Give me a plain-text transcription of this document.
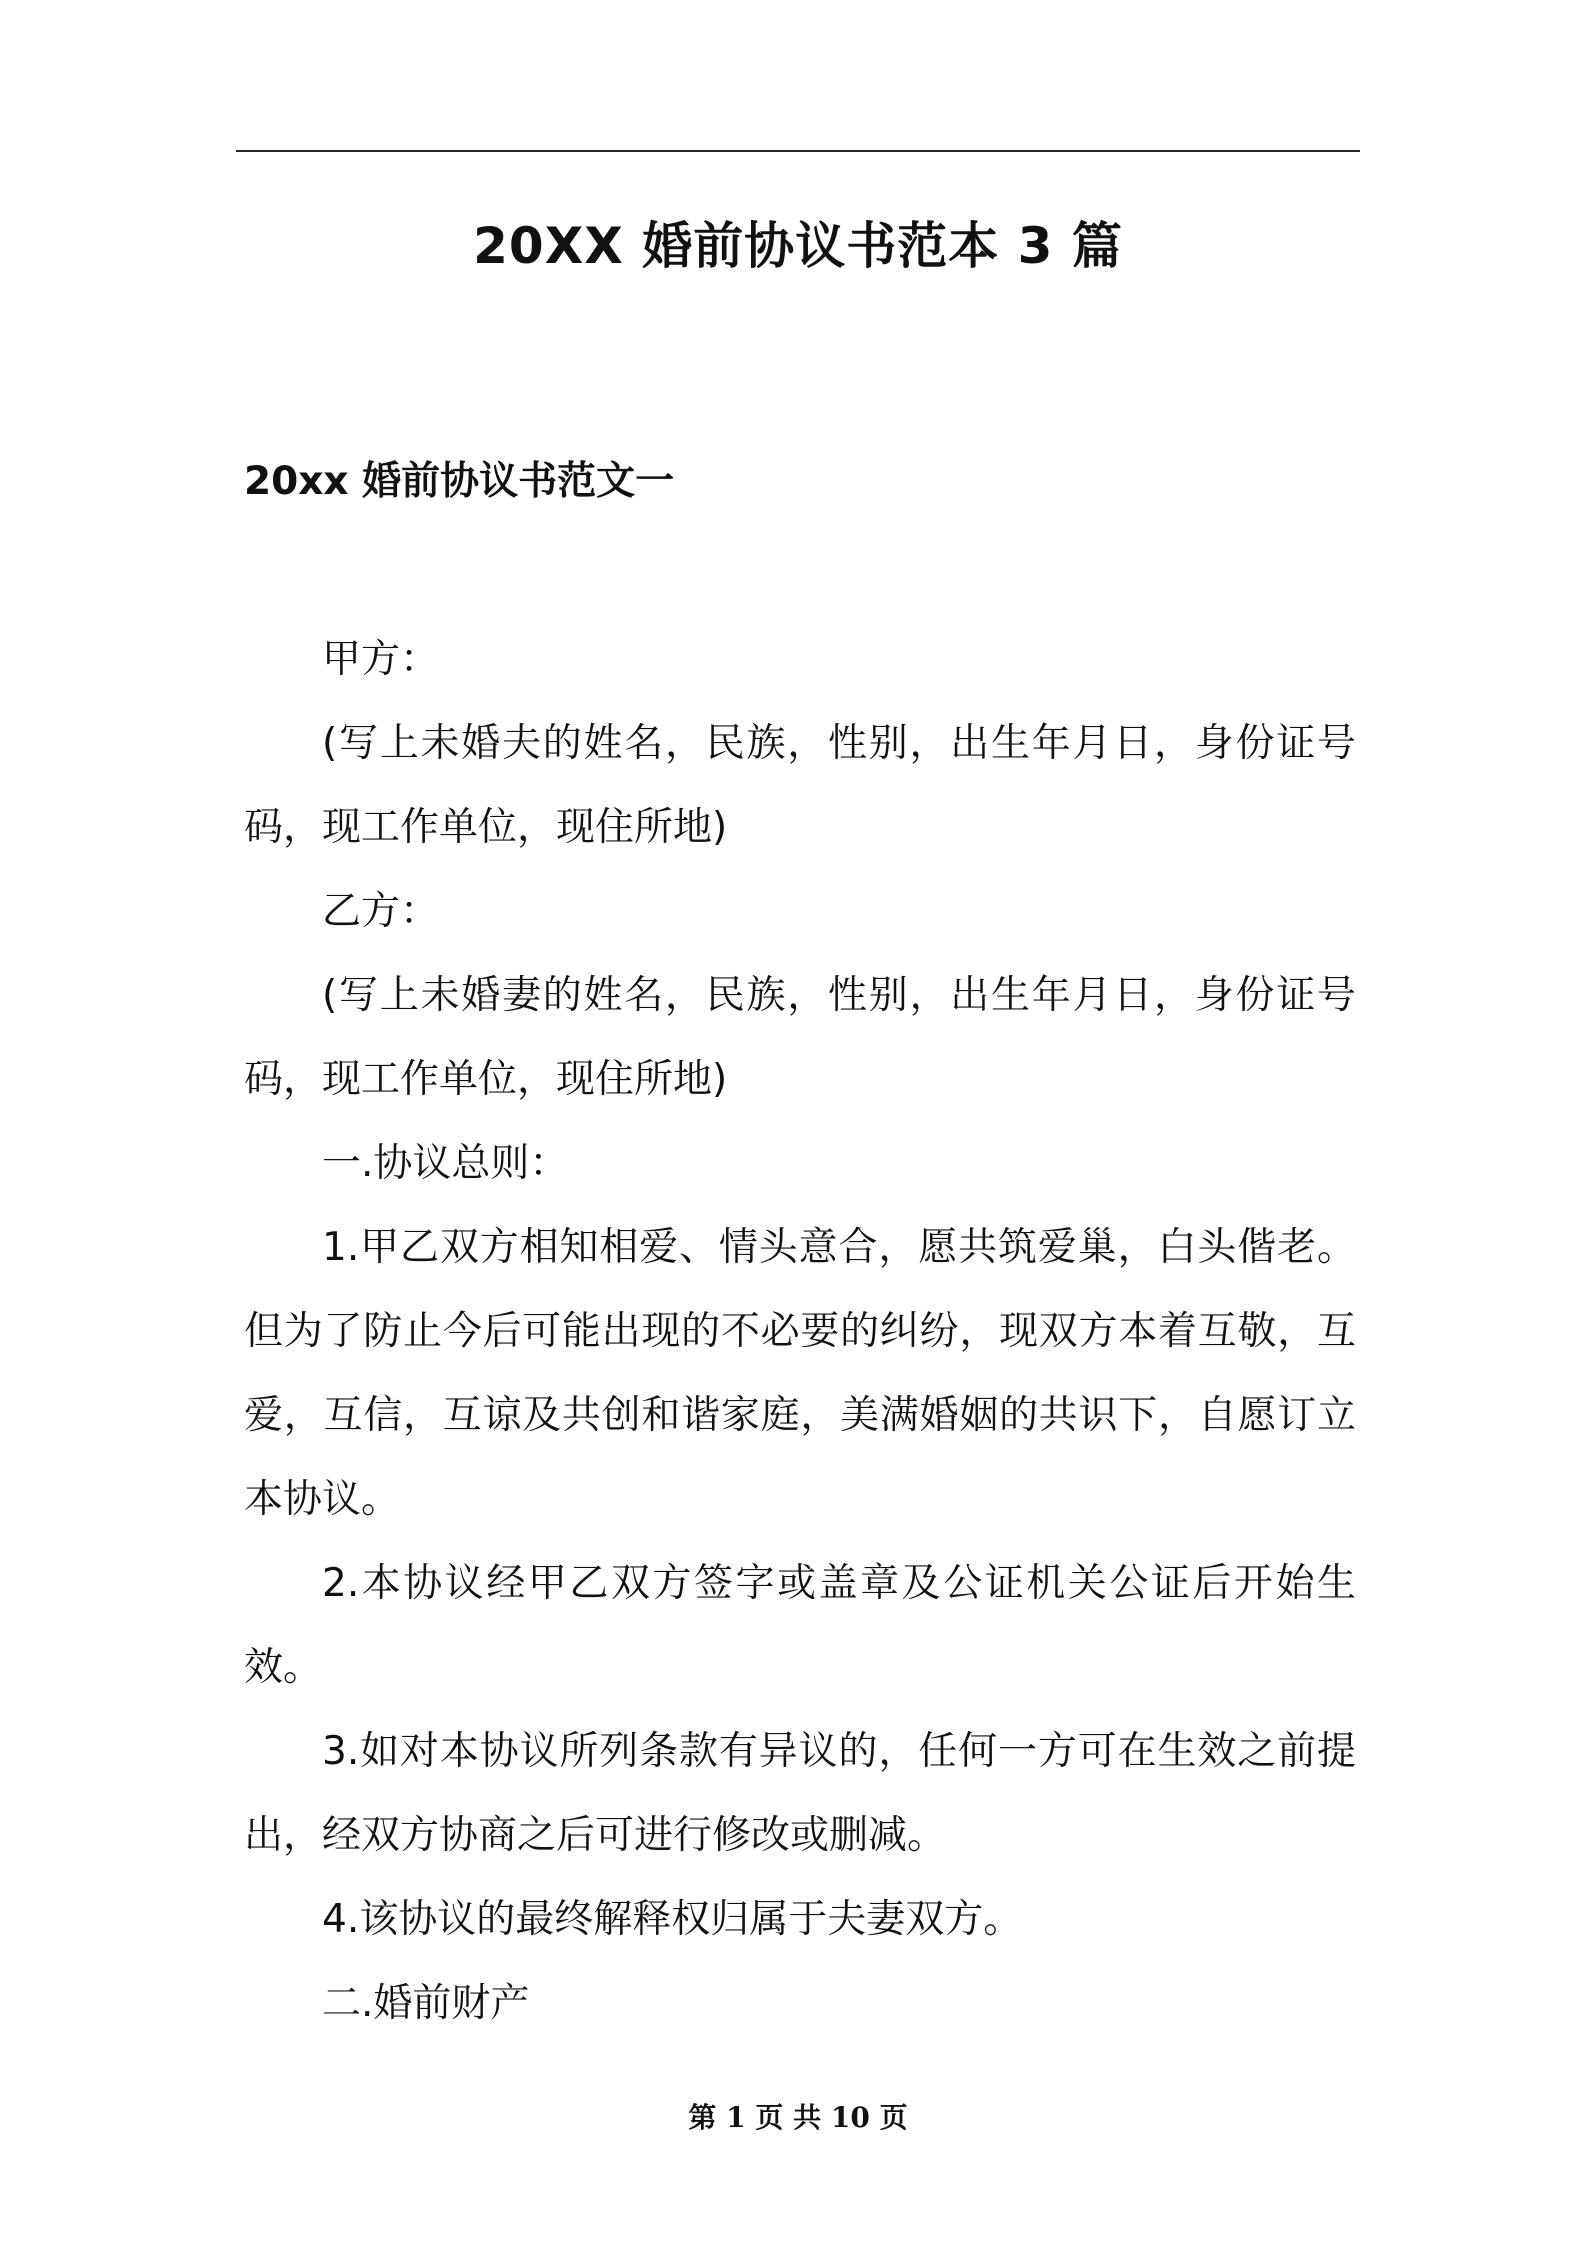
20XX 婚前协议书范本 3 篇
20xx 婚前协议书范文一

甲方：

(写上未婚夫的姓名，民族，性别，出生年月日，身份证号码，现工作单位，现住所地)

乙方：

(写上未婚妻的姓名，民族，性别，出生年月日，身份证号码，现工作单位，现住所地)

一.协议总则：

1.甲乙双方相知相爱、情头意合，愿共筑爱巢，白头偕老。但为了防止今后可能出现的不必要的纠纷，现双方本着互敬，互爱，互信，互谅及共创和谐家庭，美满婚姻的共识下，自愿订立本协议。

2.本协议经甲乙双方签字或盖章及公证机关公证后开始生效。

3.如对本协议所列条款有异议的，任何一方可在生效之前提出，经双方协商之后可进行修改或删减。

4.该协议的最终解释权归属于夫妻双方。

二.婚前财产

第 1 页 共 10 页
